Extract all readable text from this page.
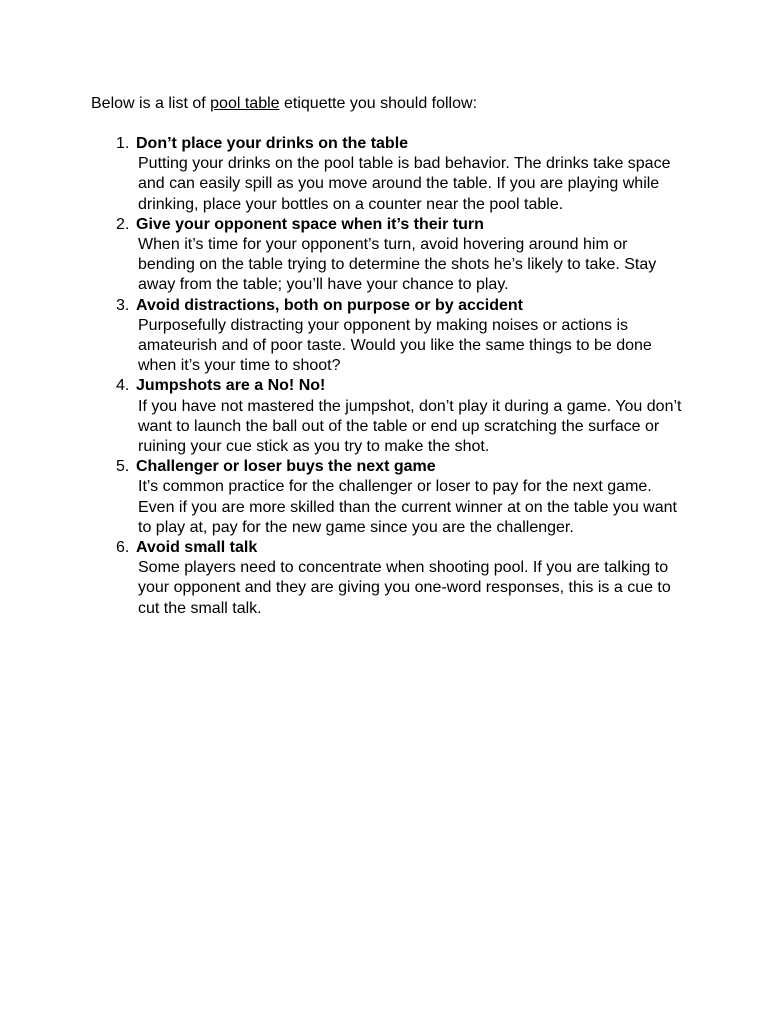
Below is a list of pool table etiquette you should follow:

1. Don’t place your drinks on the table
Putting your drinks on the pool table is bad behavior. The drinks take space and can easily spill as you move around the table. If you are playing while drinking, place your bottles on a counter near the pool table.
2. Give your opponent space when it’s their turn
When it’s time for your opponent’s turn, avoid hovering around him or bending on the table trying to determine the shots he’s likely to take. Stay away from the table; you’ll have your chance to play.
3. Avoid distractions, both on purpose or by accident
Purposefully distracting your opponent by making noises or actions is amateurish and of poor taste. Would you like the same things to be done when it’s your time to shoot?
4. Jumpshots are a No! No!
If you have not mastered the jumpshot, don’t play it during a game. You don’t want to launch the ball out of the table or end up scratching the surface or ruining your cue stick as you try to make the shot.
5. Challenger or loser buys the next game
It’s common practice for the challenger or loser to pay for the next game. Even if you are more skilled than the current winner at on the table you want to play at, pay for the new game since you are the challenger.
6. Avoid small talk
Some players need to concentrate when shooting pool. If you are talking to your opponent and they are giving you one-word responses, this is a cue to cut the small talk.
